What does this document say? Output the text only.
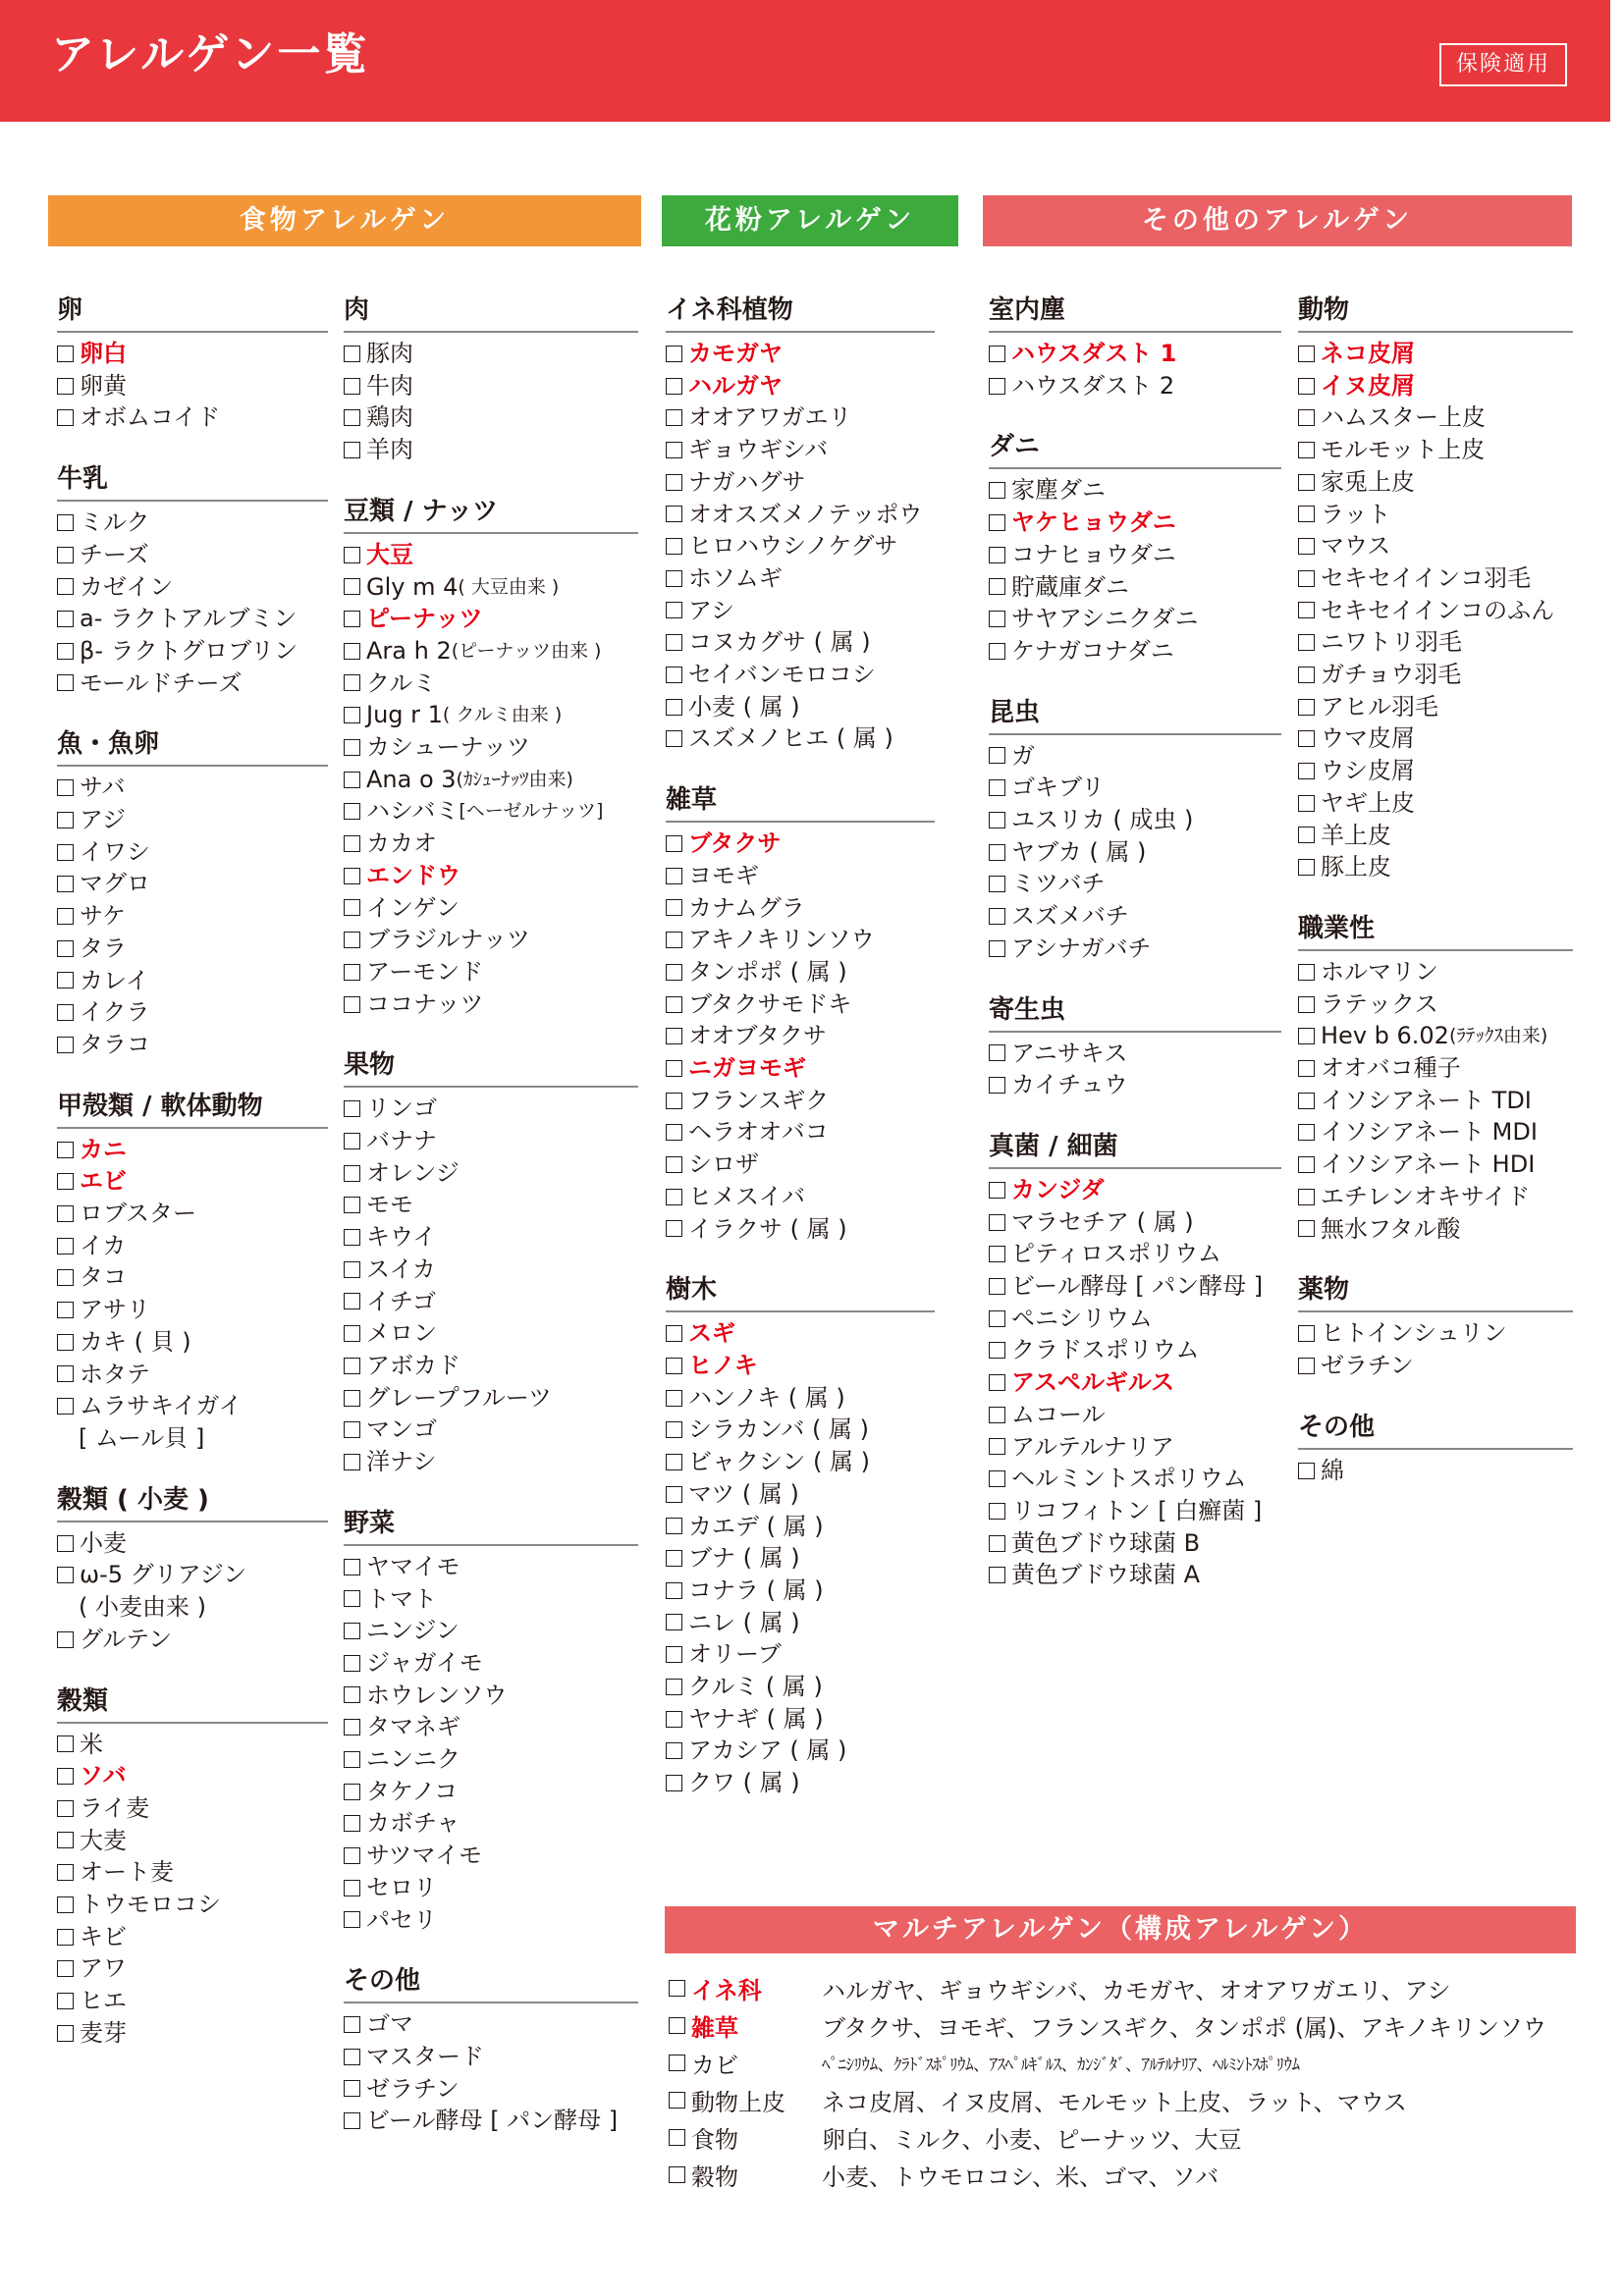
アレルゲン一覧	保険適用
食物アレルゲン	花粉アレルゲン	その他のアレルゲン
卵
卵白
卵黄
オボムコイド
牛乳
ミルク
チーズ
カゼイン
a- ラクトアルブミン
β- ラクトグロブリン
モールドチーズ
魚・魚卵
サバ
アジ
イワシ
マグロ
サケ
タラ
カレイ
イクラ
タラコ
甲殻類 / 軟体動物
カニ
エビ
ロブスター
イカ
タコ
アサリ
カキ ( 貝 )
ホタテ
ムラサキイガイ
[ ムール貝 ]
穀類 ( 小麦 )
小麦
ω-5 グリアジン
( 小麦由来 )
グルテン
穀類
米
ソバ
ライ麦
大麦
オート麦
トウモロコシ
キビ
アワ
ヒエ
麦芽
肉
豚肉
牛肉
鶏肉
羊肉
豆類 / ナッツ
大豆
Gly m 4 ( 大豆由来 )
ピーナッツ
Ara h 2 (ピーナッツ由来 )
クルミ
Jug r 1 ( クルミ由来 )
カシューナッツ
Ana o 3 (ｶｼｭｰﾅｯﾂ由来)
ハシバミ [ヘーゼルナッツ]
カカオ
エンドウ
インゲン
ブラジルナッツ
アーモンド
ココナッツ
果物
リンゴ
バナナ
オレンジ
モモ
キウイ
スイカ
イチゴ
メロン
アボカド
グレープフルーツ
マンゴ
洋ナシ
野菜
ヤマイモ
トマト
ニンジン
ジャガイモ
ホウレンソウ
タマネギ
ニンニク
タケノコ
カボチャ
サツマイモ
セロリ
パセリ
その他
ゴマ
マスタード
ゼラチン
ビール酵母 [ パン酵母 ]
イネ科植物
カモガヤ
ハルガヤ
オオアワガエリ
ギョウギシバ
ナガハグサ
オオスズメノテッポウ
ヒロハウシノケグサ
ホソムギ
アシ
コヌカグサ ( 属 )
セイバンモロコシ
小麦 ( 属 )
スズメノヒエ ( 属 )
雑草
ブタクサ
ヨモギ
カナムグラ
アキノキリンソウ
タンポポ ( 属 )
ブタクサモドキ
オオブタクサ
ニガヨモギ
フランスギク
ヘラオオバコ
シロザ
ヒメスイバ
イラクサ ( 属 )
樹木
スギ
ヒノキ
ハンノキ ( 属 )
シラカンバ ( 属 )
ビャクシン ( 属 )
マツ ( 属 )
カエデ ( 属 )
ブナ ( 属 )
コナラ ( 属 )
ニレ ( 属 )
オリーブ
クルミ ( 属 )
ヤナギ ( 属 )
アカシア ( 属 )
クワ ( 属 )
室内塵
ハウスダスト 1
ハウスダスト 2
ダニ
家塵ダニ
ヤケヒョウダニ
コナヒョウダニ
貯蔵庫ダニ
サヤアシニクダニ
ケナガコナダニ
昆虫
ガ
ゴキブリ
ユスリカ ( 成虫 )
ヤブカ ( 属 )
ミツバチ
スズメバチ
アシナガバチ
寄生虫
アニサキス
カイチュウ
真菌 / 細菌
カンジダ
マラセチア ( 属 )
ピティロスポリウム
ビール酵母 [ パン酵母 ]
ペニシリウム
クラドスポリウム
アスペルギルス
ムコール
アルテルナリア
ヘルミントスポリウム
リコフィトン [ 白癬菌 ]
黄色ブドウ球菌 B
黄色ブドウ球菌 A
動物
ネコ皮屑
イヌ皮屑
ハムスター上皮
モルモット上皮
家兎上皮
ラット
マウス
セキセイインコ羽毛
セキセイインコのふん
ニワトリ羽毛
ガチョウ羽毛
アヒル羽毛
ウマ皮屑
ウシ皮屑
ヤギ上皮
羊上皮
豚上皮
職業性
ホルマリン
ラテックス
Hev b 6.02 (ﾗﾃｯｸｽ由来)
オオバコ種子
イソシアネート TDI
イソシアネート MDI
イソシアネート HDI
エチレンオキサイド
無水フタル酸
薬物
ヒトインシュリン
ゼラチン
その他
綿
マルチアレルゲン（構成アレルゲン）
イネ科	ハルガヤ、ギョウギシバ、カモガヤ、オオアワガエリ、アシ
雑草	ブタクサ、ヨモギ、フランスギク、タンポポ (属)、アキノキリンソウ
カビ	ﾍﾟﾆｼﾘｳﾑ、ｸﾗﾄﾞｽﾎﾟﾘｳﾑ、ｱｽﾍﾟﾙｷﾞﾙｽ、ｶﾝｼﾞﾀﾞ、ｱﾙﾃﾙﾅﾘｱ、ﾍﾙﾐﾝﾄｽﾎﾟﾘｳﾑ
動物上皮 ネコ皮屑、イヌ皮屑、モルモット上皮、ラット、マウス
食物	卵白、ミルク、小麦、ピーナッツ、大豆
穀物	小麦、トウモロコシ、米、ゴマ、ソバ
